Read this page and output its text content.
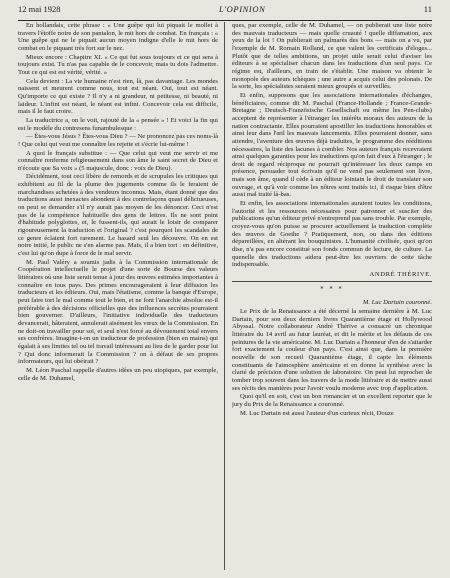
12 mai 1928	L'OPINION	11

En hollandais, cette phrase : « Une guêpe qui lui piquait le mollet à travers l'étoffe noire de son pantalon, le mit hors de combat. En français : « Une guêpe qui ne le piquait aucun moyen indigne d'elle le mit hors de combat en le piquant très fort sur le nez.

Mieux encore : Chapitre XI. « Ce qui fut sous toujours et ce qui sera à toujours exist. Tu n'as pas capable de le concevoir, mais tu dois l'admettre. Tout ce qui est est vérité, vérité. »

Cela devient : La vie humaine n'est rien, là, pas davantage. Les mondes naissent et meurent comme nous, tout est néant. Oui, tout est néant. Qu'importe ce qui existe ? Il n'y a ni grandeur, ni petitesse, ni beauté, ni laideur. L'infini est néant, le néant est infini. Concevoir cela est difficile, mais il le faut croire.

La traductrice a, on le voit, rajouté de la « pensée » ! Et voici la fin qui est le modèle du contresens funambulesque :

— Êtes-vous Jésus ? Êtes-vous Dieu ? — Ne prononcez pas ces noms-là ! Que celui qui veut me connaître les rejette et s'écrie lui-même !

A quoi le français substitue : — Que celui qui veut me servir et me connaître renferme religieusement dans son âme le saint secret de Dieu et n'écoute que Sa voix » (5 majuscule, donc : voix de Dieu).

Décidément, tout ceci libère de remords et de scrupules les critiques qui exhibitent au fil de la plume des jugements comme ils le feraient de marchandises achetées à des vendeurs inconnus. Mais, étant donné que des traductions aussi inexactes abondent à des contrefaçons quasi délictueuses, on peut se demander s'il n'y aurait pas moyen de les dénoncer. Ceci n'est pas de la compétence habituelle des gens de lettres. Ils ne sont point d'habitude polyglottes, et, le fussent-ils, qui aurait le loisir de comparer rigoureusement la traduction et l'original ? c'est pourquoi les scandales de ce genre éclatent fort rarement. Le hasard seul les découvre. On en est notre initié, le public ne s'en alarme pas. Mais, il a bien tort : en définitive, c'est lui qu'on dupe à force de le mal servir.

M. Paul Valéry a soumis jadis à la Commission internationale de Coopération intellectuelle le projet d'une sorte de Bourse des valeurs littéraires où une liste serait tenue à jour des œuvres estimées importantes à connaître en tous pays. Des primes encourageraient à leur diffusion les traducteurs et les éditeurs. Oui, mais l'étatisme, comme la banque d'Europe, peut faire tort le mal comme tout le bien, et ne font l'anarchie absolue est-il préférable à des décisions officielles que des influences secrètes pourraient bien gouverner. D'ailleurs, l'initiative individuelle des traducteurs devancerait, hâteraient, annulerait aisément les vœux de la Commission. En ne doit-on travailler pour soi, et seul n'est forcé au dévouement total envers ses confrères. Imagine-t-on un traducteur de profession (bien en mains) qui égalait à ses limites tel ou tel travail intéressant au lieu de le garder pour lui ? Qui donc informerait la Commission ? on à défaut de ses propres informateurs, qui lui obéirait ?

M. Léon Paschal rappelle d'autres idées un peu utopiques, par exemple, celle de M. Duhamel,

ques, par exemple, celle de M. Duhamel, — on publierait une liste noire des mauvais traducteurs — mais quelle cruauté ! quelle diffamation, aux yeux de la loi ! On publierait un palmarès des bons — mais on a vu, par l'exemple de M. Romain Rolland, ce que valent les certificats d'éloges... Plutôt que de telles ambitions, un projet utile serait celui d'aviser les éditeurs à se spécialiser chacun dans les traductions d'un seul pays. Ce régime est, d'ailleurs, en train de s'établir. Une maison va obtenir le monopole des auteurs tchèques ; une autre a acquis celui des polonais. De la sorte, les spécialistes seraient mieux groupés et surveillés.

Et enfin, supposons que les associations internationales d'échanges, bénéficiaires, comme dit M. Paschal (France-Hollande ; France-Grande-Bretagne ; Deutsch-Französische Gesellschaft ou même les Pen-clubs) acceptent de représenter à l'étranger les intérêts moraux des auteurs de la nation contractante. Elles pourraient apostiller les traductions honorables et ainsi leur dans l'œil les mauvais lancements. Elles pourraient donner, sans attendre, l'aventure des œuvres déjà traduites, le programme des rééditions nécessaires, la liste des lacunes à combler. Nos auteurs français recevraient ainsi quelques garanties pour les traductions qu'on fait d'eux à l'étranger ; le droit de regard réciproque ne pourrait qu'intéresser les deux camps en présence, persuader tout écrivain qu'il ne vend pas seulement son livre, mais son âme, quand il cède à un éditeur lointain le droit de translater son ouvrage, et qu'à voir comme les nôtres sont traités ici, il risque bien d'être aussi mal traité là-bas.

Et enfin, les associations internationales auraient toutes les conditions, l'autorité et les ressources nécessaires pour patronner et susciter des publications qu'un éditeur privé n'entreprend pas sans trouble. Par exemple, croyez-vous qu'on puisse se procurer actuellement la traduction complète des œuvres de Goethe ? Pratiquement, non, ou dans des éditions dépareillées, en altérant les bouquinistes. L'humanité civilisée, quoi qu'on dise, n'a pas encore constitué son fonds commun de lecture, de culture. La quenelle des traductions aidera peut-être les ouvriers de cette tâche indispensable.

ANDRÉ THÉRIVE.
* * *
M. Luc Dartain couronné.

Le Prix de la Renaissance a été décerné la semaine dernière à M. Luc Dartain, pour son deux derniers livres Quarantième étage et Hollywood Abyssal. Notre collaborateur André Thérive a consacré un chronique littéraire du 14 avril au futur lauréat, et dit le mérite et les défauts de ces peintures de la vie américaine. M. Luc Dartain a l'honneur d'en de s'attarder fort exactement la couleur d'un pays. C'est ainsi que, dans la première nouvelle de son recueil Quarantième étage, il capte les éléments constituants de l'atmosphère américaine et en donne la synthèse avec la clarté de précision d'une solution de laboratoire. On peut lui reprocher de tomber trop souvent dans les travers de la mode littéraire et de mettre aussi ses récits des manières pour l'avoir voulu moderne avec trop d'application.

Quoi qu'il en soit, c'est un bon romancier et un excellent reporter que le jury du Prix de la Renaissance a couronné.

M. Luc Dartain est aussi l'auteur d'un curieux récit, Douze
